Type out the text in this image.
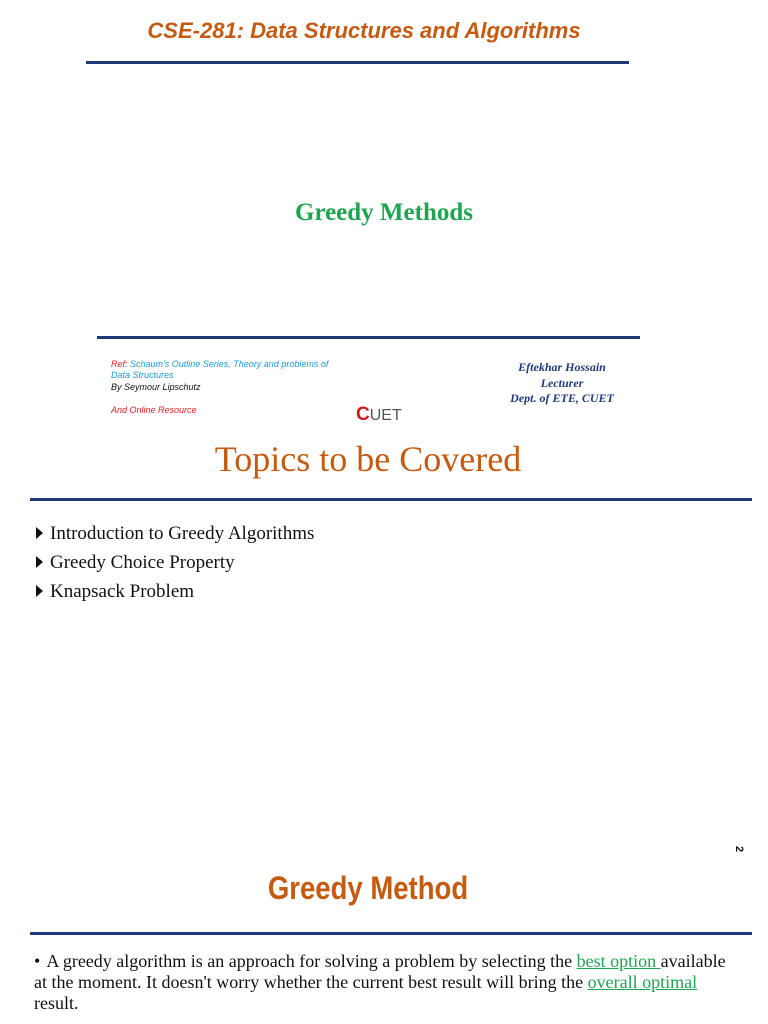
CSE-281: Data Structures and Algorithms
Greedy Methods
Ref: Schaum's Outline Series, Theory and problems of
Data Structures
By Seymour Lipschutz
And Online Resource
Eftekhar Hossain
Lecturer
Dept. of ETE, CUET
CUET
Topics to be Covered
Introduction to Greedy Algorithms
Greedy Choice Property
Knapsack Problem
2
Greedy Method
• A greedy algorithm is an approach for solving a problem by selecting the best option available at the moment. It doesn't worry whether the current best result will bring the overall optimal result.
